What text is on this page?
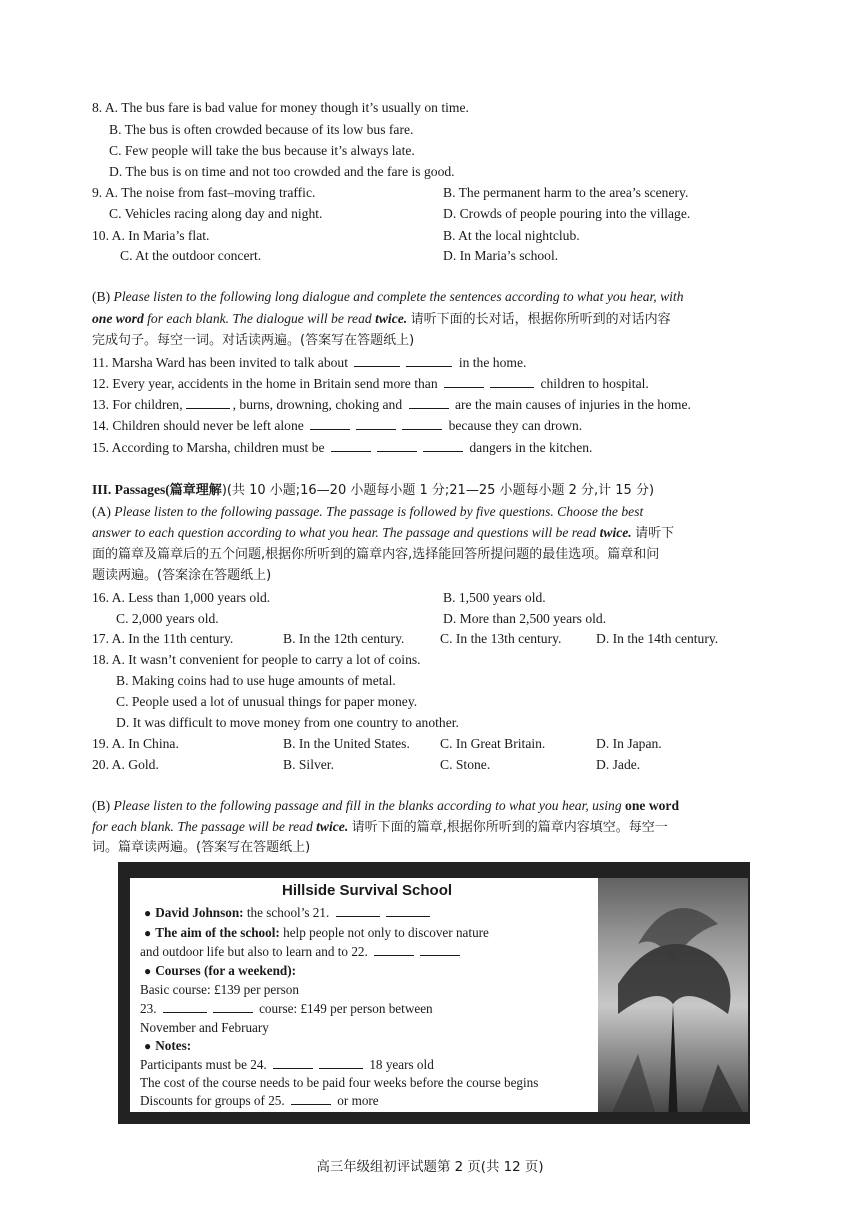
8. A. The bus fare is bad value for money though it’s usually on time.
B. The bus is often crowded because of its low bus fare.
C. Few people will take the bus because it’s always late.
D. The bus is on time and not too crowded and the fare is good.
9. A. The noise from fast–moving traffic.	B. The permanent harm to the area’s scenery.
C. Vehicles racing along day and night.	D. Crowds of people pouring into the village.
10. A. In Maria’s flat.	B. At the local nightclub.
C. At the outdoor concert.	D. In Maria’s school.
(B) Please listen to the following long dialogue and complete the sentences according to what you hear, with
one word for each blank. The dialogue will be read twice. 请听下面的长对话，根据你所听到的对话内容
完成句子。每空一词。对话读两遍。(答案写在答题纸上)
11. Marsha Ward has been invited to talk about	in the home.
12. Every year, accidents in the home in Britain send more than	children to hospital.
13. For children,	, burns, drowning, choking and	are the main causes of injuries in the home.
14. Children should never be left alone	because they can drown.
15. According to Marsha, children must be	dangers in the kitchen.
III. Passages(篇章理解)(共 10 小题;16—20 小题每小题 1 分;21—25 小题每小题 2 分,计 15 分)
(A) Please listen to the following passage. The passage is followed by five questions. Choose the best
answer to each question according to what you hear. The passage and questions will be read twice. 请听下
面的篇章及篇章后的五个问题,根据你所听到的篇章内容,选择能回答所提问题的最佳选项。篇章和问
题读两遍。(答案涂在答题纸上)
16. A. Less than 1,000 years old.	B. 1,500 years old.
C. 2,000 years old.	D. More than 2,500 years old.
17. A. In the 11th century.	B. In the 12th century.	C. In the 13th century.	D. In the 14th century.
18. A. It wasn’t convenient for people to carry a lot of coins.
B. Making coins had to use huge amounts of metal.
C. People used a lot of unusual things for paper money.
D. It was difficult to move money from one country to another.
19. A. In China.	B. In the United States. C. In Great Britain.	D. In Japan.
20. A. Gold.	B. Silver.	C. Stone.	D. Jade.
(B) Please listen to the following passage and fill in the blanks according to what you hear, using one word
for each blank. The passage will be read twice. 请听下面的篇章,根据你所听到的篇章内容填空。每空一
词。篇章读两遍。(答案写在答题纸上)
Hillside Survival School
● David Johnson: the school’s 21.
● The aim of the school: help people not only to discover nature
and outdoor life but also to learn and to 22.
● Courses (for a weekend):
Basic course: £139 per person
23.	course: £149 per person between
November and February
● Notes:
Participants must be 24.	18 years old
The cost of the course needs to be paid four weeks before the course begins
Discounts for groups of 25.	or more
高三年级组初评试题第 2 页(共 12 页)
